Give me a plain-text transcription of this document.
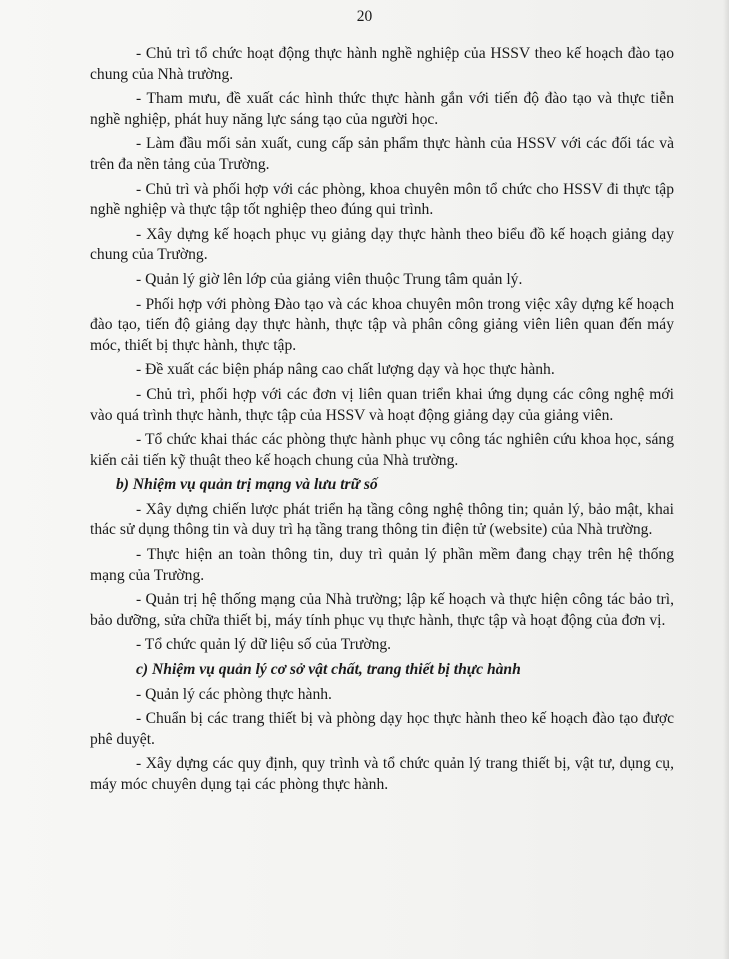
20

- Chủ trì tổ chức hoạt động thực hành nghề nghiệp của HSSV theo kế hoạch đào tạo chung của Nhà trường.

- Tham mưu, đề xuất các hình thức thực hành gắn với tiến độ đào tạo và thực tiễn nghề nghiệp, phát huy năng lực sáng tạo của người học.

- Làm đầu mối sản xuất, cung cấp sản phẩm thực hành của HSSV với các đối tác và trên đa nền tảng của Trường.

- Chủ trì và phối hợp với các phòng, khoa chuyên môn tổ chức cho HSSV đi thực tập nghề nghiệp và thực tập tốt nghiệp theo đúng qui trình.

- Xây dựng kế hoạch phục vụ giảng dạy thực hành theo biểu đồ kế hoạch giảng dạy chung của Trường.

- Quản lý giờ lên lớp của giảng viên thuộc Trung tâm quản lý.

- Phối hợp với phòng Đào tạo và các khoa chuyên môn trong việc xây dựng kế hoạch đào tạo, tiến độ giảng dạy thực hành, thực tập và phân công giảng viên liên quan đến máy móc, thiết bị thực hành, thực tập.

- Đề xuất các biện pháp nâng cao chất lượng dạy và học thực hành.

- Chủ trì, phối hợp với các đơn vị liên quan triển khai ứng dụng các công nghệ mới vào quá trình thực hành, thực tập của HSSV và hoạt động giảng dạy của giảng viên.

- Tổ chức khai thác các phòng thực hành phục vụ công tác nghiên cứu khoa học, sáng kiến cải tiến kỹ thuật theo kế hoạch chung của Nhà trường.

b) Nhiệm vụ quản trị mạng và lưu trữ số

- Xây dựng chiến lược phát triển hạ tầng công nghệ thông tin; quản lý, bảo mật, khai thác sử dụng thông tin và duy trì hạ tầng trang thông tin điện tử (website) của Nhà trường.

- Thực hiện an toàn thông tin, duy trì quản lý phần mềm đang chạy trên hệ thống mạng của Trường.

- Quản trị hệ thống mạng của Nhà trường; lập kế hoạch và thực hiện công tác bảo trì, bảo dưỡng, sửa chữa thiết bị, máy tính phục vụ thực hành, thực tập và hoạt động của đơn vị.

- Tổ chức quản lý dữ liệu số của Trường.

c) Nhiệm vụ quản lý cơ sở vật chất, trang thiết bị thực hành

- Quản lý các phòng thực hành.

- Chuẩn bị các trang thiết bị và phòng dạy học thực hành theo kế hoạch đào tạo được phê duyệt.

- Xây dựng các quy định, quy trình và tổ chức quản lý trang thiết bị, vật tư, dụng cụ, máy móc chuyên dụng tại các phòng thực hành.
